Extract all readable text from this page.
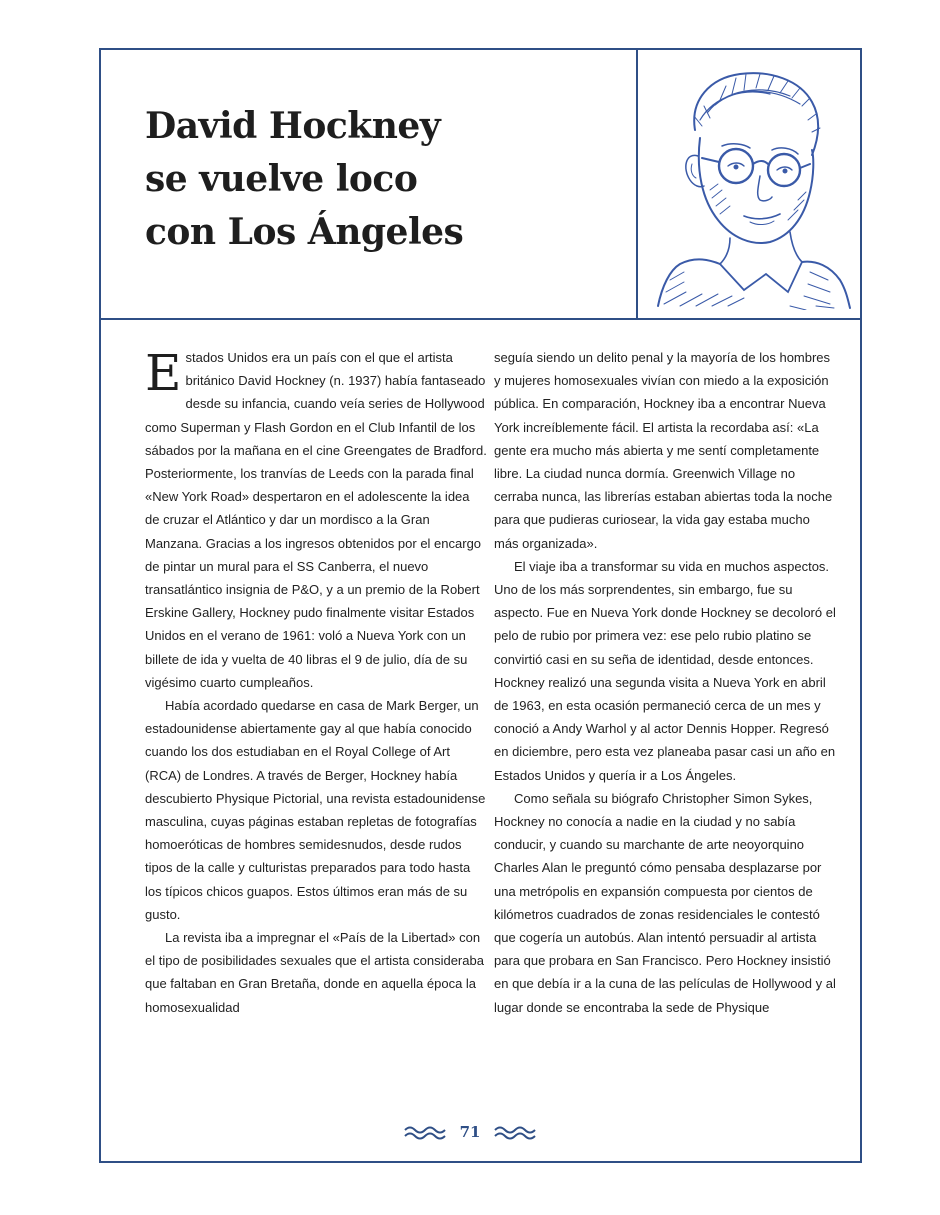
David Hockney
se vuelve loco
con Los Ángeles

Estados Unidos era un país con el que el artista británico David Hockney (n. 1937) había fantaseado desde su infancia, cuando veía series de Hollywood como Superman y Flash Gordon en el Club Infantil de los sábados por la mañana en el cine Greengates de Bradford. Posteriormente, los tranvías de Leeds con la parada final «New York Road» despertaron en el adolescente la idea de cruzar el Atlántico y dar un mordisco a la Gran Manzana. Gracias a los ingresos obtenidos por el encargo de pintar un mural para el SS Canberra, el nuevo transatlántico insignia de P&O, y a un premio de la Robert Erskine Gallery, Hockney pudo finalmente visitar Estados Unidos en el verano de 1961: voló a Nueva York con un billete de ida y vuelta de 40 libras el 9 de julio, día de su vigésimo cuarto cumpleaños.

Había acordado quedarse en casa de Mark Berger, un estadounidense abiertamente gay al que había conocido cuando los dos estudiaban en el Royal College of Art (RCA) de Londres. A través de Berger, Hockney había descubierto Physique Pictorial, una revista estadounidense masculina, cuyas páginas estaban repletas de fotografías homoeróticas de hombres semidesnudos, desde rudos tipos de la calle y culturistas preparados para todo hasta los típicos chicos guapos. Estos últimos eran más de su gusto.

La revista iba a impregnar el «País de la Libertad» con el tipo de posibilidades sexuales que el artista consideraba que faltaban en Gran Bretaña, donde en aquella época la homosexualidad

seguía siendo un delito penal y la mayoría de los hombres y mujeres homosexuales vivían con miedo a la exposición pública. En comparación, Hockney iba a encontrar Nueva York increíblemente fácil. El artista la recordaba así: «La gente era mucho más abierta y me sentí completamente libre. La ciudad nunca dormía. Greenwich Village no cerraba nunca, las librerías estaban abiertas toda la noche para que pudieras curiosear, la vida gay estaba mucho más organizada».

El viaje iba a transformar su vida en muchos aspectos. Uno de los más sorprendentes, sin embargo, fue su aspecto. Fue en Nueva York donde Hockney se decoloró el pelo de rubio por primera vez: ese pelo rubio platino se convirtió casi en su seña de identidad, desde entonces. Hockney realizó una segunda visita a Nueva York en abril de 1963, en esta ocasión permaneció cerca de un mes y conoció a Andy Warhol y al actor Dennis Hopper. Regresó en diciembre, pero esta vez planeaba pasar casi un año en Estados Unidos y quería ir a Los Ángeles.

Como señala su biógrafo Christopher Simon Sykes, Hockney no conocía a nadie en la ciudad y no sabía conducir, y cuando su marchante de arte neoyorquino Charles Alan le preguntó cómo pensaba desplazarse por una metrópolis en expansión compuesta por cientos de kilómetros cuadrados de zonas residenciales le contestó que cogería un autobús. Alan intentó persuadir al artista para que probara en San Francisco. Pero Hockney insistió en que debía ir a la cuna de las películas de Hollywood y al lugar donde se encontraba la sede de Physique

71
